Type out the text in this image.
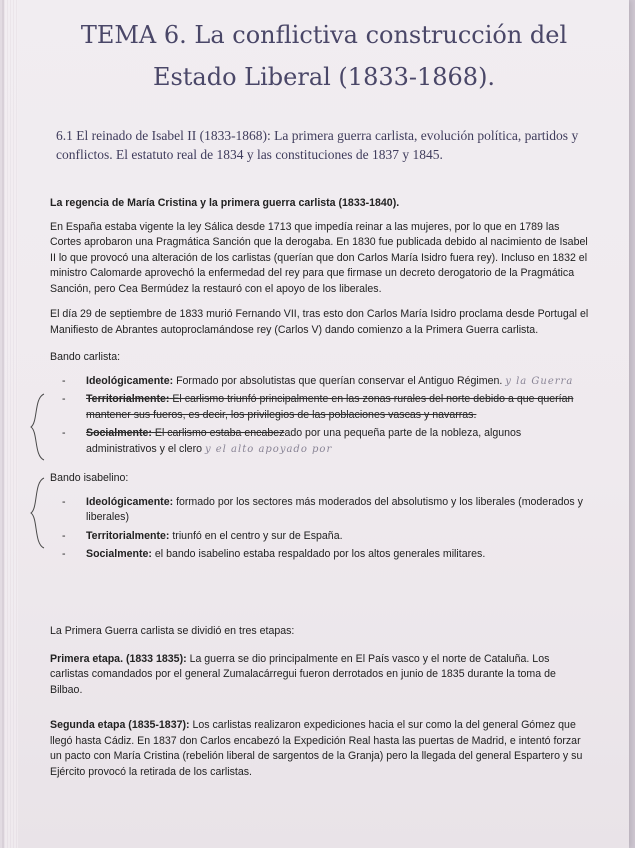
TEMA 6. La conflictiva construcción del
Estado Liberal (1833-1868).
6.1 El reinado de Isabel II (1833-1868): La primera guerra carlista, evolución política, partidos y conflictos. El estatuto real de 1834 y las constituciones de 1837 y 1845.
La regencia de María Cristina y la primera guerra carlista (1833-1840).
En España estaba vigente la ley Sálica desde 1713 que impedía reinar a las mujeres, por lo que en 1789 las Cortes aprobaron una Pragmática Sanción que la derogaba. En 1830 fue publicada debido al nacimiento de Isabel II lo que provocó una alteración de los carlistas (querían que don Carlos María Isidro fuera rey). Incluso en 1832 el ministro Calomarde aprovechó la enfermedad del rey para que firmase un decreto derogatorio de la Pragmática Sanción, pero Cea Bermúdez la restauró con el apoyo de los liberales.
El día 29 de septiembre de 1833 murió Fernando VII, tras esto don Carlos María Isidro proclama desde Portugal el Manifiesto de Abrantes autoproclamándose rey (Carlos V) dando comienzo a la Primera Guerra carlista.
Bando carlista:
- Ideológicamente: Formado por absolutistas que querían conservar el Antiguo Régimen. y la Guerra
- Territorialmente: El carlismo triunfó principalmente en las zonas rurales del norte debido a que querían mantener sus fueros, es decir, los privilegios de las poblaciones vascas y navarras.
- Socialmente: El carlismo estaba encabezado por una pequeña parte de la nobleza, algunos administrativos y el clero y el alto apoyado por
Bando isabelino:
- Ideológicamente: formado por los sectores más moderados del absolutismo y los liberales (moderados y liberales)
- Territorialmente: triunfó en el centro y sur de España.
- Socialmente: el bando isabelino estaba respaldado por los altos generales militares.
La Primera Guerra carlista se dividió en tres etapas:
Primera etapa. (1833 1835): La guerra se dio principalmente en El País vasco y el norte de Cataluña. Los carlistas comandados por el general Zumalacárregui fueron derrotados en junio de 1835 durante la toma de Bilbao.
Segunda etapa (1835-1837): Los carlistas realizaron expediciones hacia el sur como la del general Gómez que llegó hasta Cádiz. En 1837 don Carlos encabezó la Expedición Real hasta las puertas de Madrid, e intentó forzar un pacto con María Cristina (rebelión liberal de sargentos de la Granja) pero la llegada del general Espartero y su Ejército provocó la retirada de los carlistas.
